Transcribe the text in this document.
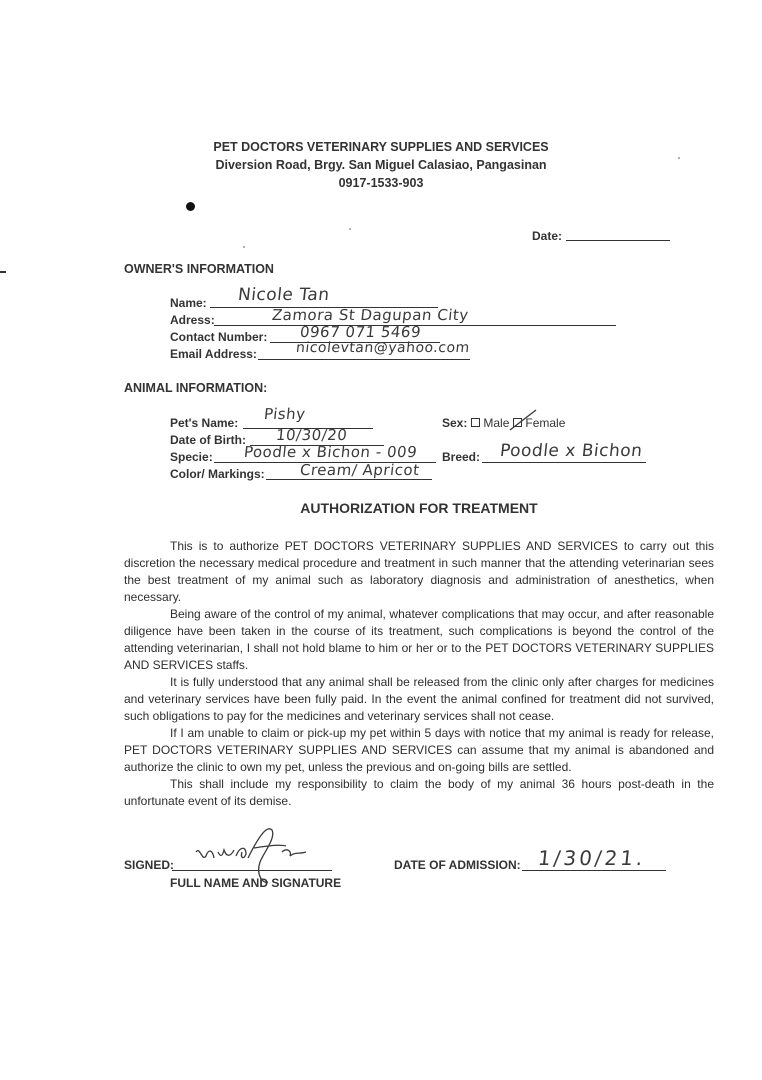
PET DOCTORS VETERINARY SUPPLIES AND SERVICES
Diversion Road, Brgy. San Miguel Calasiao, Pangasinan
0917-1533-903
Date:
OWNER'S INFORMATION
Name: Nicole Tan
Adress:	Zamora St Dagupan City
Contact Number: 0967 071 5469
Email Address:	nicolevtan@yahoo.com
ANIMAL INFORMATION:
Pet's Name: Pishy
Date of Birth: 10/30/20
Specie: Poodle x Bichon - 009
Color/ Markings: Cream/ Apricot
Sex: Male Female
Breed: Poodle x Bichon
AUTHORIZATION FOR TREATMENT

This is to authorize PET DOCTORS VETERINARY SUPPLIES AND SERVICES to carry out this discretion the necessary medical procedure and treatment in such manner that the attending veterinarian sees the best treatment of my animal such as laboratory diagnosis and administration of anesthetics, when necessary.

Being aware of the control of my animal, whatever complications that may occur, and after reasonable diligence have been taken in the course of its treatment, such complications is beyond the control of the attending veterinarian, I shall not hold blame to him or her or to the PET DOCTORS VETERINARY SUPPLIES AND SERVICES staffs.

It is fully understood that any animal shall be released from the clinic only after charges for medicines and veterinary services have been fully paid. In the event the animal confined for treatment did not survived, such obligations to pay for the medicines and veterinary services shall not cease.

If I am unable to claim or pick-up my pet within 5 days with notice that my animal is ready for release, PET DOCTORS VETERINARY SUPPLIES AND SERVICES can assume that my animal is abandoned and authorize the clinic to own my pet, unless the previous and on-going bills are settled.

This shall include my responsibility to claim the body of my animal 36 hours post-death in the unfortunate event of its demise.

SIGNED:
FULL NAME AND SIGNATURE
DATE OF ADMISSION: 1/30/21.
